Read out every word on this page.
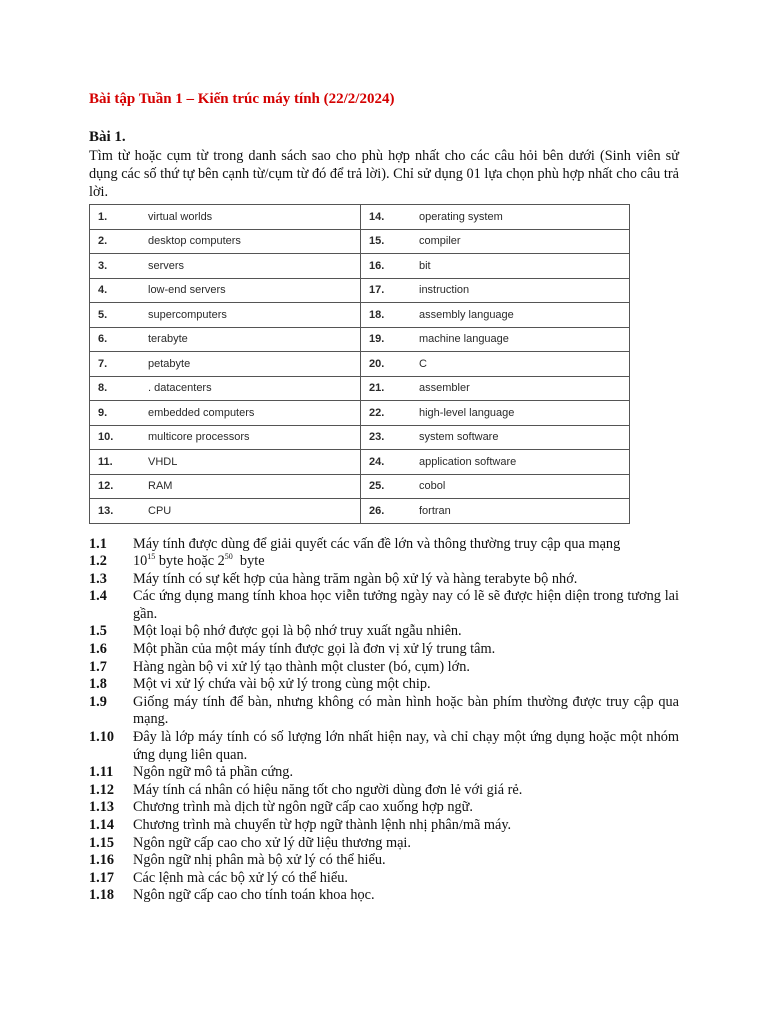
Bài tập Tuần 1 – Kiến trúc máy tính (22/2/2024)

Bài 1.
Tìm từ hoặc cụm từ trong danh sách sao cho phù hợp nhất cho các câu hỏi bên dưới (Sinh viên sử dụng các số thứ tự bên cạnh từ/cụm từ đó để trả lời). Chỉ sử dụng 01 lựa chọn phù hợp nhất cho câu trả lời.
1. virtual worlds	14. operating system
2. desktop computers	15. compiler
3. servers	16. bit
4. low-end servers	17. instruction
5. supercomputers	18. assembly language
6. terabyte	19. machine language
7. petabyte	20. C
8. . datacenters	21. assembler
9. embedded computers	22. high-level language
10. multicore processors	23. system software
11. VHDL	24. application software
12. RAM	25. cobol
13. CPU	26. fortran
1.1	Máy tính được dùng để giải quyết các vấn đề lớn và thông thường truy cập qua mạng
1.2	$10^{15}$ byte hoặc $2^{50}$  byte
1.3	Máy tính có sự kết hợp của hàng trăm ngàn bộ xử lý và hàng terabyte bộ nhớ.
1.4	Các ứng dụng mang tính khoa học viễn tưởng ngày nay có lẽ sẽ được hiện diện trong tương lai gần.
1.5	Một loại bộ nhớ được gọi là bộ nhớ truy xuất ngẫu nhiên.
1.6	Một phần của một máy tính được gọi là đơn vị xử lý trung tâm.
1.7	Hàng ngàn bộ vi xử lý tạo thành một cluster (bó, cụm) lớn.
1.8	Một vi xử lý chứa vài bộ xử lý trong cùng một chip.
1.9	Giống máy tính để bàn, nhưng không có màn hình hoặc bàn phím thường được truy cập qua mạng.
1.10	Đây là lớp máy tính có số lượng lớn nhất hiện nay, và chỉ chạy một ứng dụng hoặc một nhóm ứng dụng liên quan.
1.11	Ngôn ngữ mô tả phần cứng.
1.12	Máy tính cá nhân có hiệu năng tốt cho người dùng đơn lẻ với giá rẻ.
1.13	Chương trình mà dịch từ ngôn ngữ cấp cao xuống hợp ngữ.
1.14	Chương trình mà chuyển từ hợp ngữ thành lệnh nhị phân/mã máy.
1.15	Ngôn ngữ cấp cao cho xử lý dữ liệu thương mại.
1.16	Ngôn ngữ nhị phân mà bộ xử lý có thể hiểu.
1.17	Các lệnh mà các bộ xử lý có thể hiểu.
1.18	Ngôn ngữ cấp cao cho tính toán khoa học.
